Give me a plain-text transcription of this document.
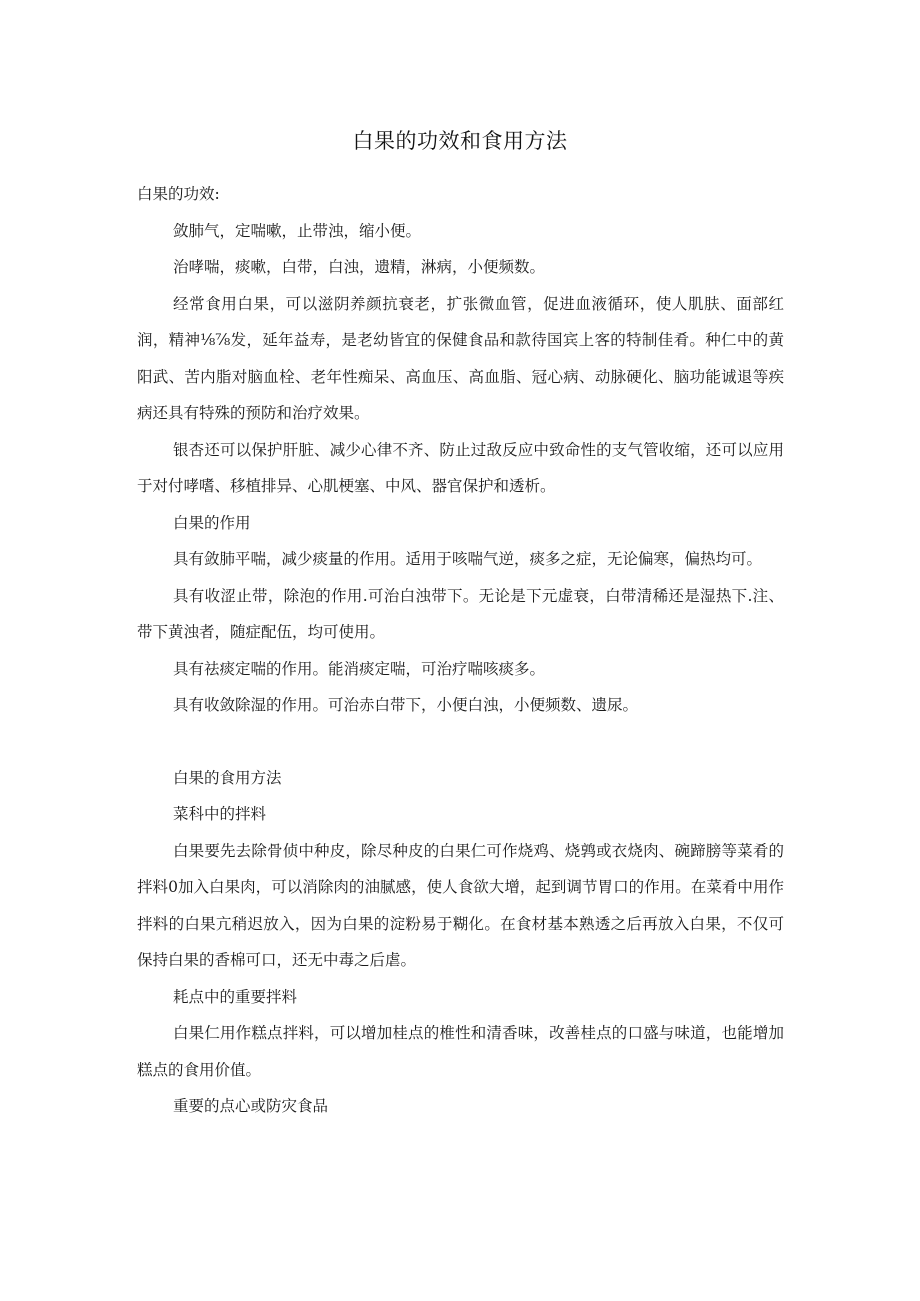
白果的功效和食用方法

白果的功效:

敛肺气，定喘嗽，止带浊，缩小便。

治哮喘，痰嗽，白带，白浊，遗精，淋病，小便频数。

经常食用白果，可以滋阴养颜抗衰老，扩张微血管，促进血液循环，使人肌肤、面部红润，精神⅛⅞发，延年益寿，是老幼皆宜的保健食品和款待国宾上客的特制佳肴。种仁中的黄阳武、苦内脂对脑血栓、老年性痴呆、高血压、高血脂、冠心病、动脉硬化、脑功能诚退等疾病还具有特殊的预防和治疗效果。

银杏还可以保护肝脏、减少心律不齐、防止过敌反应中致命性的支气管收缩，还可以应用于对付哮嗜、移植排异、心肌梗塞、中风、器官保护和透析。

白果的作用

具有敛肺平喘，减少痰量的作用。适用于咳喘气逆，痰多之症，无论偏寒，偏热均可。

具有收涩止带，除泡的作用.可治白浊带下。无论是下元虚衰，白带清稀还是湿热下.注、带下黄浊者，随症配伍，均可使用。

具有祛痰定喘的作用。能消痰定喘，可治疗喘咳痰多。

具有收敛除湿的作用。可治赤白带下，小便白浊，小便频数、遗尿。

白果的食用方法

菜科中的拌料

白果要先去除骨侦中种皮，除尽种皮的白果仁可作烧鸡、烧鹑或衣烧肉、碗蹄膀等菜肴的拌料0加入白果肉，可以消除肉的油腻感，使人食欲大增，起到调节胃口的作用。在菜肴中用作拌料的白果亢稍迟放入，因为白果的淀粉易于糊化。在食材基本熟透之后再放入白果，不仅可保持白果的香棉可口，还无中毒之后虐。

耗点中的重要拌料

白果仁用作糕点拌料，可以增加桂点的椎性和清香味，改善桂点的口盛与味道，也能增加糕点的食用价值。

重要的点心或防灾食品
